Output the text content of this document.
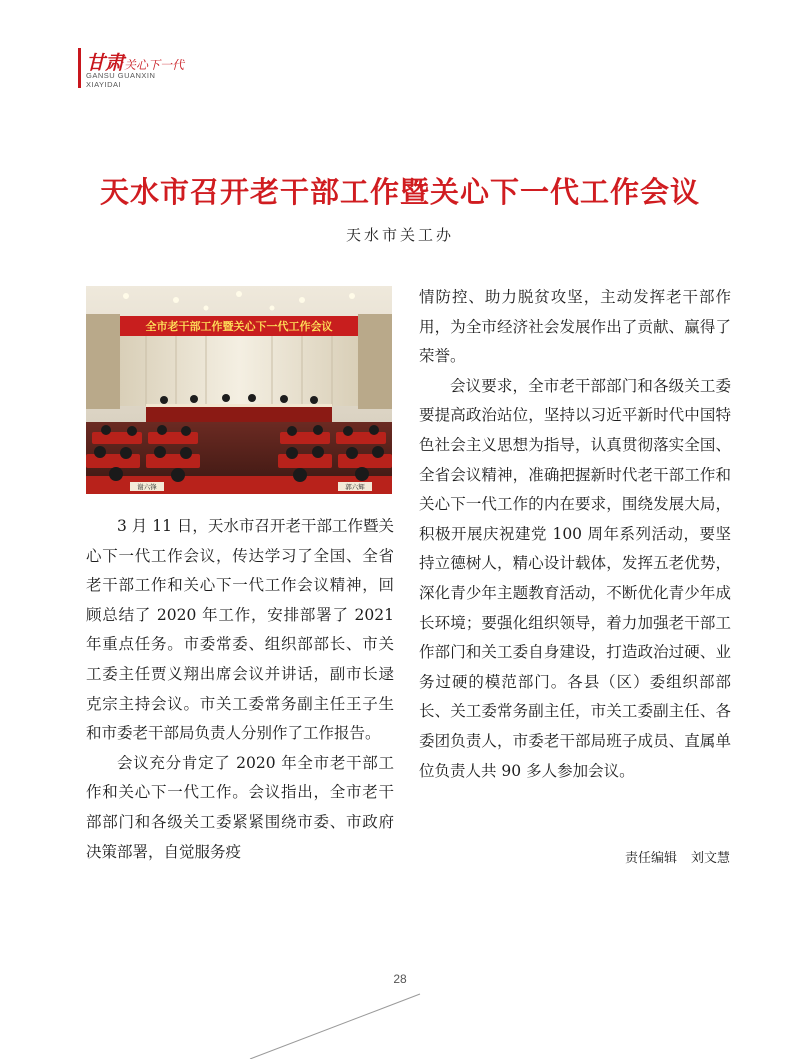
甘肃关心下一代
GANSU GUANXIN
XIAYIDAI
天水市召开老干部工作暨关心下一代工作会议
天水市关工办
全市老干部工作暨关心下一代工作会议
谢六锋	郭六辉

3 月 11 日，天水市召开老干部工作暨关心下一代工作会议，传达学习了全国、全省老干部工作和关心下一代工作会议精神，回顾总结了 2020 年工作，安排部署了 2021 年重点任务。市委常委、组织部部长、市关工委主任贾义翔出席会议并讲话，副市长逯克宗主持会议。市关工委常务副主任王子生和市委老干部局负责人分别作了工作报告。

会议充分肯定了 2020 年全市老干部工作和关心下一代工作。会议指出，全市老干部部门和各级关工委紧紧围绕市委、市政府决策部署，自觉服务疫

情防控、助力脱贫攻坚，主动发挥老干部作用，为全市经济社会发展作出了贡献、赢得了荣誉。

会议要求，全市老干部部门和各级关工委要提高政治站位，坚持以习近平新时代中国特色社会主义思想为指导，认真贯彻落实全国、全省会议精神，准确把握新时代老干部工作和关心下一代工作的内在要求，围绕发展大局，积极开展庆祝建党 100 周年系列活动，要坚持立德树人，精心设计载体，发挥五老优势，深化青少年主题教育活动，不断优化青少年成长环境；要强化组织领导，着力加强老干部工作部门和关工委自身建设，打造政治过硬、业务过硬的模范部门。各县（区）委组织部部长、关工委常务副主任，市关工委副主任、各委团负责人，市委老干部局班子成员、直属单位负责人共 90 多人参加会议。

责任编辑 刘文慧
28
